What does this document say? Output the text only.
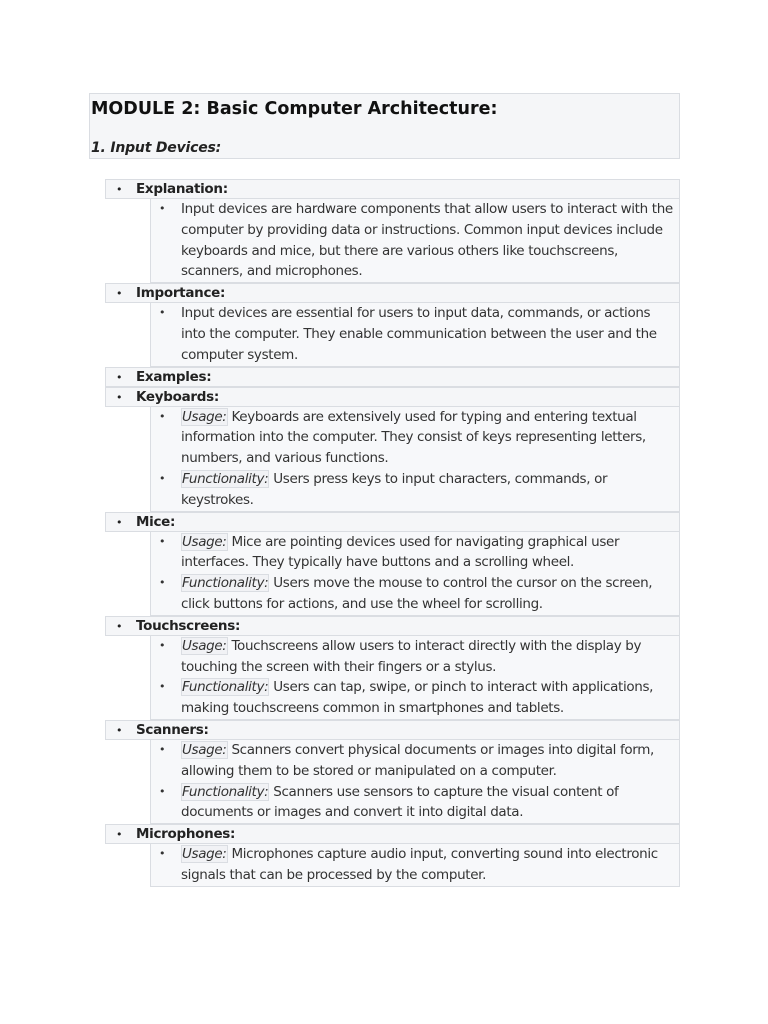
MODULE 2: Basic Computer Architecture:
1. Input Devices:
• Explanation:
• Input devices are hardware components that allow users to interact with the computer by providing data or instructions. Common input devices include keyboards and mice, but there are various others like touchscreens, scanners, and microphones.
• Importance:
• Input devices are essential for users to input data, commands, or actions into the computer. They enable communication between the user and the computer system.
• Examples:
• Keyboards:
• Usage: Keyboards are extensively used for typing and entering textual information into the computer. They consist of keys representing letters, numbers, and various functions.
• Functionality: Users press keys to input characters, commands, or keystrokes.
• Mice:
• Usage: Mice are pointing devices used for navigating graphical user interfaces. They typically have buttons and a scrolling wheel.
• Functionality: Users move the mouse to control the cursor on the screen, click buttons for actions, and use the wheel for scrolling.
• Touchscreens:
• Usage: Touchscreens allow users to interact directly with the display by touching the screen with their fingers or a stylus.
• Functionality: Users can tap, swipe, or pinch to interact with applications, making touchscreens common in smartphones and tablets.
• Scanners:
• Usage: Scanners convert physical documents or images into digital form, allowing them to be stored or manipulated on a computer.
• Functionality: Scanners use sensors to capture the visual content of documents or images and convert it into digital data.
• Microphones:
• Usage: Microphones capture audio input, converting sound into electronic signals that can be processed by the computer.
